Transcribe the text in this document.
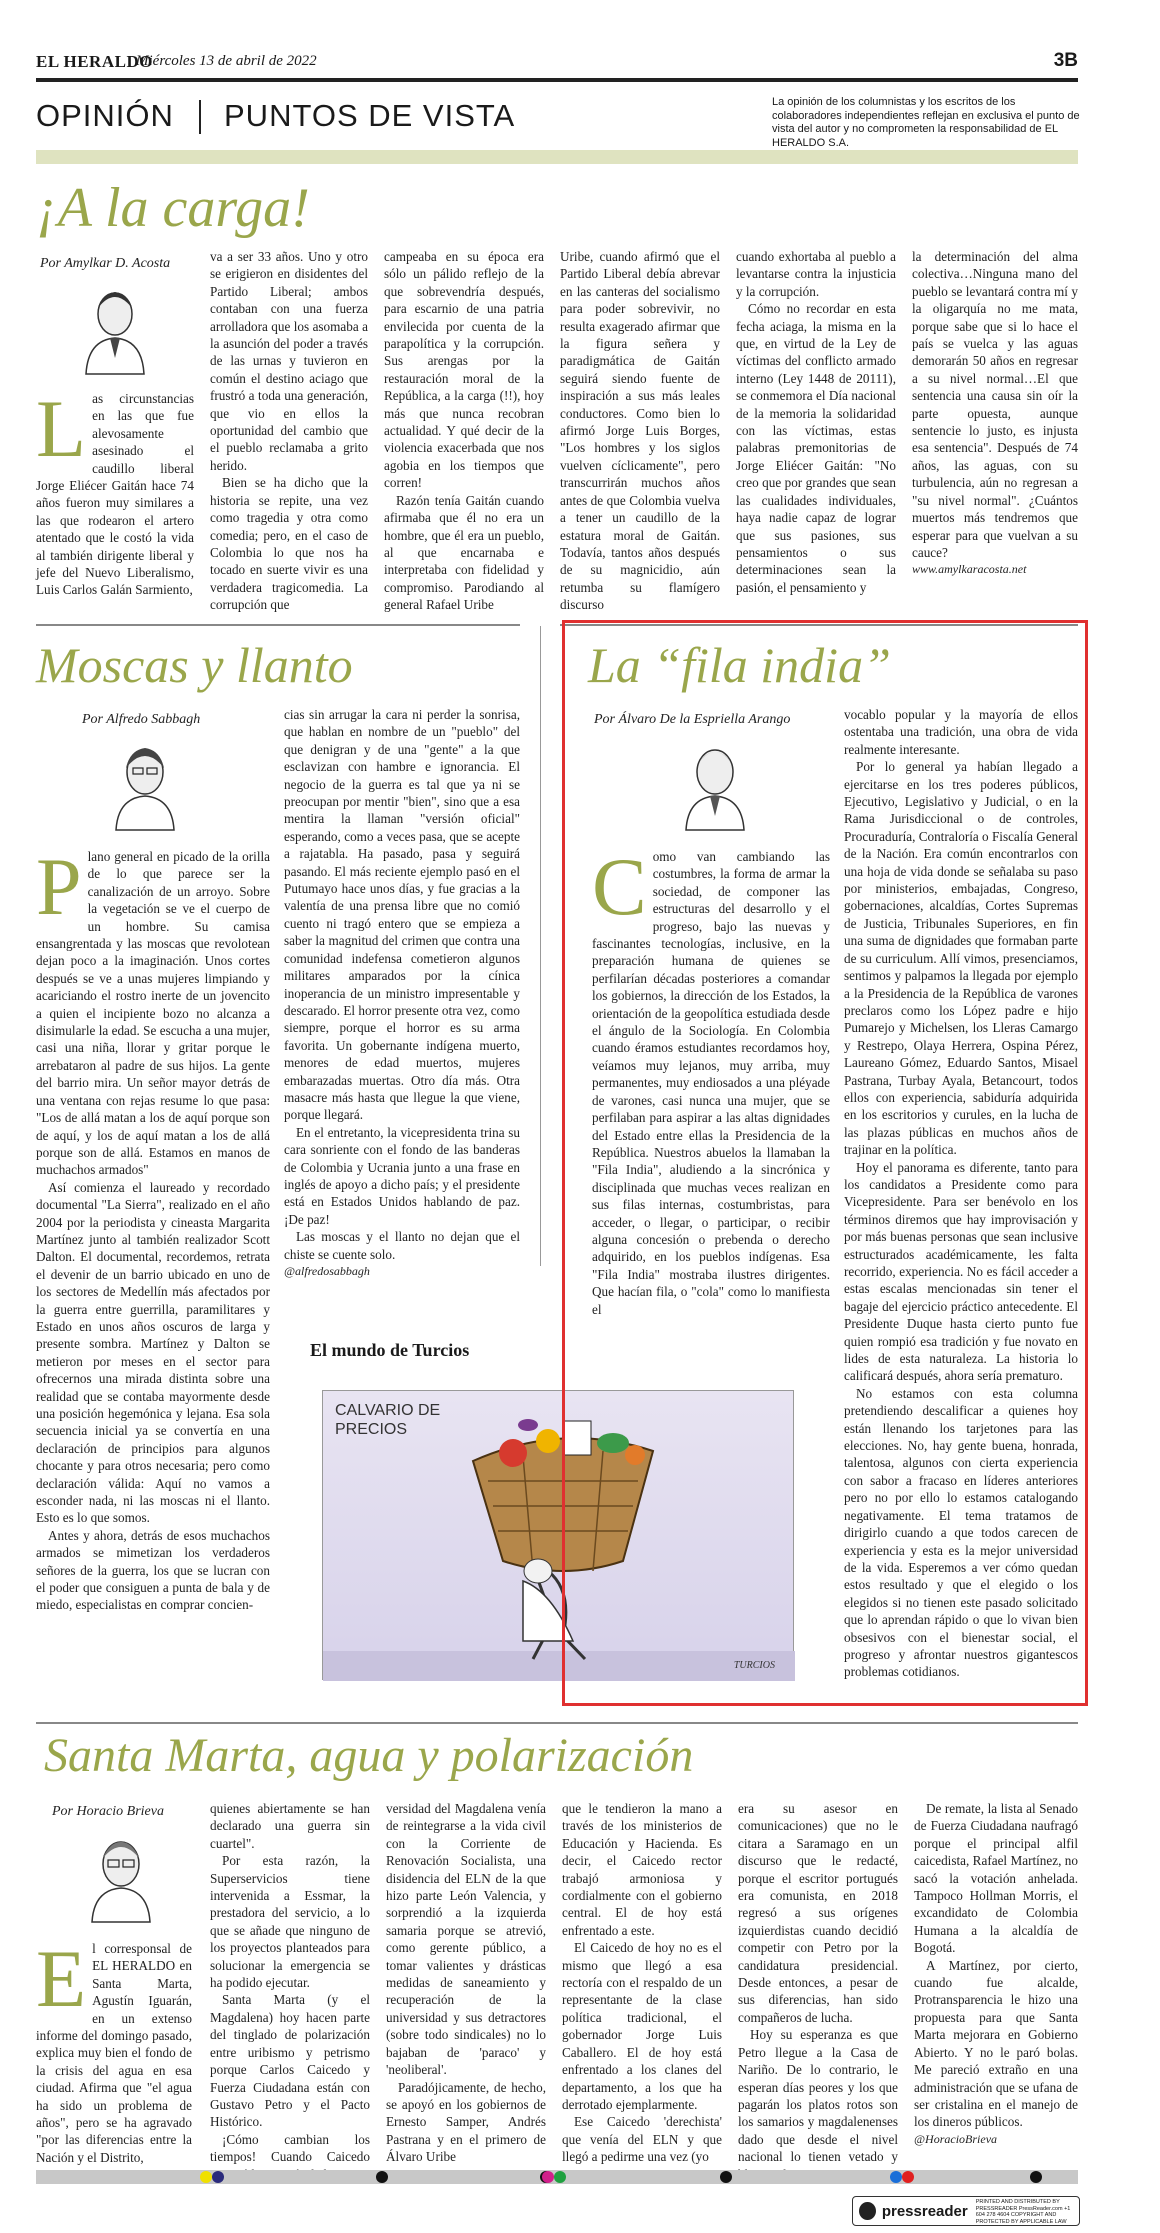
EL HERALDO
Miércoles 13 de abril de 2022	3B
OPINIÓN PUNTOS DE VISTA	La opinión de los columnistas y los escritos de los colaboradores independientes reflejan en exclusiva el punto de vista del autor y no comprometen la responsabilidad de EL HERALDO S.A.
¡A la carga!
Por Amylkar D. Acosta
Las circunstancias en las que fue alevosamente asesinado el caudillo liberal Jorge Eliécer Gaitán hace 74 años fueron muy similares a las que rodearon el artero atentado que le costó la vida al también dirigente liberal y jefe del Nuevo Liberalismo, Luis Carlos Galán Sarmiento,

va a ser 33 años. Uno y otro se erigieron en disidentes del Partido Liberal; ambos contaban con una fuerza arrolladora que los asomaba a la asunción del poder a través de las urnas y tuvieron en común el destino aciago que frustró a toda una generación, que vio en ellos la oportunidad del cambio que el pueblo reclamaba a grito herido.

Bien se ha dicho que la historia se repite, una vez como tragedia y otra como comedia; pero, en el caso de Colombia lo que nos ha tocado en suerte vivir es una verdadera tragicomedia. La corrupción que

campeaba en su época era sólo un pálido reflejo de la que sobrevendría después, para escarnio de una patria envilecida por cuenta de la parapolítica y la corrupción. Sus arengas por la restauración moral de la República, a la carga (!!), hoy más que nunca recobran actualidad. Y qué decir de la violencia exacerbada que nos agobia en los tiempos que corren!

Razón tenía Gaitán cuando afirmaba que él no era un hombre, que él era un pueblo, al que encarnaba e interpretaba con fidelidad y compromiso. Parodiando al general Rafael Uribe

Uribe, cuando afirmó que el Partido Liberal debía abrevar en las canteras del socialismo para poder sobrevivir, no resulta exagerado afirmar que la figura señera y paradigmática de Gaitán seguirá siendo fuente de inspiración a sus más leales conductores. Como bien lo afirmó Jorge Luis Borges, "Los hombres y los siglos vuelven cíclicamente", pero transcurrirán muchos años antes de que Colombia vuelva a tener un caudillo de la estatura moral de Gaitán. Todavía, tantos años después de su magnicidio, aún retumba su flamígero discurso

cuando exhortaba al pueblo a levantarse contra la injusticia y la corrupción.

Cómo no recordar en esta fecha aciaga, la misma en la que, en virtud de la Ley de víctimas del conflicto armado interno (Ley 1448 de 20111), se conmemora el Día nacional de la memoria la solidaridad con las víctimas, estas palabras premonitorias de Jorge Eliécer Gaitán: "No creo que por grandes que sean las cualidades individuales, haya nadie capaz de lograr que sus pasiones, sus pensamientos o sus determinaciones sean la pasión, el pensamiento y

la determinación del alma colectiva…Ninguna mano del pueblo se levantará contra mí y la oligarquía no me mata, porque sabe que si lo hace el país se vuelca y las aguas demorarán 50 años en regresar a su nivel normal…El que sentencia una causa sin oír la parte opuesta, aunque sentencie lo justo, es injusta esa sentencia". Después de 74 años, las aguas, con su turbulencia, aún no regresan a "su nivel normal". ¿Cuántos muertos más tendremos que esperar para que vuelvan a su cauce?

www.amylkaracosta.net

Moscas y llanto
Por Alfredo Sabbagh

Plano general en picado de la orilla de lo que parece ser la canalización de un arroyo. Sobre la vegetación se ve el cuerpo de un hombre. Su camisa ensangrentada y las moscas que revolotean dejan poco a la imaginación. Unos cortes después se ve a unas mujeres limpiando y acariciando el rostro inerte de un jovencito a quien el incipiente bozo no alcanza a disimularle la edad. Se escucha a una mujer, casi una niña, llorar y gritar porque le arrebataron al padre de sus hijos. La gente del barrio mira. Un señor mayor detrás de una ventana con rejas resume lo que pasa: "Los de allá matan a los de aquí porque son de aquí, y los de aquí matan a los de allá porque son de allá. Estamos en manos de muchachos armados"

Así comienza el laureado y recordado documental "La Sierra", realizado en el año 2004 por la periodista y cineasta Margarita Martínez junto al también realizador Scott Dalton. El documental, recordemos, retrata el devenir de un barrio ubicado en uno de los sectores de Medellín más afectados por la guerra entre guerrilla, paramilitares y Estado en unos años oscuros de larga y presente sombra. Martínez y Dalton se metieron por meses en el sector para ofrecernos una mirada distinta sobre una realidad que se contaba mayormente desde una posición hegemónica y lejana. Esa sola secuencia inicial ya se convertía en una declaración de principios para algunos chocante y para otros necesaria; pero como declaración válida: Aquí no vamos a esconder nada, ni las moscas ni el llanto. Esto es lo que somos.

Antes y ahora, detrás de esos muchachos armados se mimetizan los verdaderos señores de la guerra, los que se lucran con el poder que consiguen a punta de bala y de miedo, especialistas en comprar concien-

cias sin arrugar la cara ni perder la sonrisa, que hablan en nombre de un "pueblo" del que denigran y de una "gente" a la que esclavizan con hambre e ignorancia. El negocio de la guerra es tal que ya ni se preocupan por mentir "bien", sino que a esa mentira la llaman "versión oficial" esperando, como a veces pasa, que se acepte a rajatabla. Ha pasado, pasa y seguirá pasando. El más reciente ejemplo pasó en el Putumayo hace unos días, y fue gracias a la valentía de una prensa libre que no comió cuento ni tragó entero que se empieza a saber la magnitud del crimen que contra una comunidad indefensa cometieron algunos militares amparados por la cínica inoperancia de un ministro impresentable y descarado. El horror presente otra vez, como siempre, porque el horror es su arma favorita. Un gobernante indígena muerto, menores de edad muertos, mujeres embarazadas muertas. Otro día más. Otra masacre más hasta que llegue la que viene, porque llegará.

En el entretanto, la vicepresidenta trina su cara sonriente con el fondo de las banderas de Colombia y Ucrania junto a una frase en inglés de apoyo a dicho país; y el presidente está en Estados Unidos hablando de paz. ¡De paz!

Las moscas y el llanto no dejan que el chiste se cuente solo.

@alfredosabbagh

El mundo de Turcios
CALVARIO DE PRECIOS
TURCIOS
La “fila india”
Por Álvaro De la Espriella Arango
Como van cambiando las costumbres, la forma de armar la sociedad, de componer las estructuras del desarrollo y el progreso, bajo las nuevas y fascinantes tecnologías, inclusive, en la preparación humana de quienes se perfilarían décadas posteriores a comandar los gobiernos, la dirección de los Estados, la orientación de la geopolítica estudiada desde el ángulo de la Sociología. En Colombia cuando éramos estudiantes recordamos hoy, veíamos muy lejanos, muy arriba, muy permanentes, muy endiosados a una pléyade de varones, casi nunca una mujer, que se perfilaban para aspirar a las altas dignidades del Estado entre ellas la Presidencia de la República. Nuestros abuelos la llamaban la "Fila India", aludiendo a la sincrónica y disciplinada que muchas veces realizan en sus filas internas, costumbristas, para acceder, o llegar, o participar, o recibir alguna concesión o prebenda o derecho adquirido, en los pueblos indígenas. Esa "Fila India" mostraba ilustres dirigentes. Que hacían fila, o "cola" como lo manifiesta el

vocablo popular y la mayoría de ellos ostentaba una tradición, una obra de vida realmente interesante.

Por lo general ya habían llegado a ejercitarse en los tres poderes públicos, Ejecutivo, Legislativo y Judicial, o en la Rama Jurisdiccional o de controles, Procuraduría, Contraloría o Fiscalía General de la Nación. Era común encontrarlos con una hoja de vida donde se señalaba su paso por ministerios, embajadas, Congreso, gobernaciones, alcaldías, Cortes Supremas de Justicia, Tribunales Superiores, en fin una suma de dignidades que formaban parte de su curriculum. Allí vimos, presenciamos, sentimos y palpamos la llegada por ejemplo a la Presidencia de la República de varones preclaros como los López padre e hijo Pumarejo y Michelsen, los Lleras Camargo y Restrepo, Olaya Herrera, Ospina Pérez, Laureano Gómez, Eduardo Santos, Misael Pastrana, Turbay Ayala, Betancourt, todos ellos con experiencia, sabiduría adquirida en los escritorios y curules, en la lucha de las plazas públicas en muchos años de trajinar en la política.

Hoy el panorama es diferente, tanto para los candidatos a Presidente como para Vicepresidente. Para ser benévolo en los términos diremos que hay improvisación y por más buenas personas que sean inclusive estructurados académicamente, les falta recorrido, experiencia. No es fácil acceder a estas escalas mencionadas sin tener el bagaje del ejercicio práctico antecedente. El Presidente Duque hasta cierto punto fue quien rompió esa tradición y fue novato en lides de esta naturaleza. La historia lo calificará después, ahora sería prematuro.

No estamos con esta columna pretendiendo descalificar a quienes hoy están llenando los tarjetones para las elecciones. No, hay gente buena, honrada, talentosa, algunos con cierta experiencia con sabor a fracaso en líderes anteriores pero no por ello lo estamos catalogando negativamente. El tema tratamos de dirigirlo cuando a que todos carecen de experiencia y esta es la mejor universidad de la vida. Esperemos a ver cómo quedan estos resultado y que el elegido o los elegidos si no tienen este pasado solicitado que lo aprendan rápido o que lo vivan bien obsesivos con el bienestar social, el progreso y afrontar nuestros gigantescos problemas cotidianos.

Santa Marta, agua y polarización
Por Horacio Brieva
El corresponsal de EL HERALDO en Santa Marta, Agustín Iguarán, en un extenso informe del domingo pasado, explica muy bien el fondo de la crisis del agua en esa ciudad. Afirma que "el agua ha sido un problema de años", pero se ha agravado "por las diferencias entre la Nación y el Distrito,

quienes abiertamente se han declarado una guerra sin cuartel".

Por esta razón, la Superservicios tiene intervenida a Essmar, la prestadora del servicio, a lo que se añade que ninguno de los proyectos planteados para solucionar la emergencia se ha podido ejecutar.

Santa Marta (y el Magdalena) hoy hacen parte del tinglado de polarización entre uribismo y petrismo porque Carlos Caicedo y Fuerza Ciudadana están con Gustavo Petro y el Pacto Histórico.

¡Cómo cambian los tiempos! Cuando Caicedo

versidad del Magdalena venía de reintegrarse a la vida civil con la Corriente de Renovación Socialista, una disidencia del ELN de la que hizo parte León Valencia, y sorprendió a la izquierda samaria porque se atrevió, como gerente público, a tomar valientes y drásticas medidas de saneamiento y recuperación de la universidad y sus detractores (sobre todo sindicales) no lo bajaban de 'paraco' y 'neoliberal'.

Paradójicamente, de hecho, se apoyó en los gobiernos de Ernesto Samper, Andrés Pastrana y en el primero de Álvaro Uribe

que le tendieron la mano a través de los ministerios de Educación y Hacienda. Es decir, el Caicedo rector trabajó armoniosa y cordialmente con el gobierno central. El de hoy está enfrentado a este.

El Caicedo de hoy no es el mismo que llegó a esa rectoría con el respaldo de un representante de la clase política tradicional, el gobernador Jorge Luis Caballero. El de hoy está enfrentado a los clanes del departamento, a los que ha derrotado ejemplarmente.

Ese Caicedo 'derechista' que venía del ELN y que llegó a pedirme una vez (yo

era su asesor en comunicaciones) que no le citara a Saramago en un discurso que le redacté, porque el escritor portugués era comunista, en 2018 regresó a sus orígenes izquierdistas cuando decidió competir con Petro por la candidatura presidencial. Desde entonces, a pesar de sus diferencias, han sido compañeros de lucha.

Hoy su esperanza es que Petro llegue a la Casa de Nariño. De lo contrario, le esperan días peores y los que pagarán los platos rotos son los samarios y magdalenenses dado que desde el nivel nacional lo tienen vetado y

De remate, la lista al Senado de Fuerza Ciudadana naufragó porque el principal alfil caicedista, Rafael Martínez, no sacó la votación anhelada. Tampoco Hollman Morris, el excandidato de Colombia Humana a la alcaldía de Bogotá.

A Martínez, por cierto, cuando fue alcalde, Protransparencia le hizo una propuesta para que Santa Marta mejorara en Gobierno Abierto. Y no le paró bolas. Me pareció extraño en una administración que se ufana de ser cristalina en el manejo de los dineros públicos.

@HoracioBrieva

pressreader
PRINTED AND DISTRIBUTED BY PRESSREADER PressReader.com +1 604 278 4604 COPYRIGHT AND PROTECTED BY APPLICABLE LAW
